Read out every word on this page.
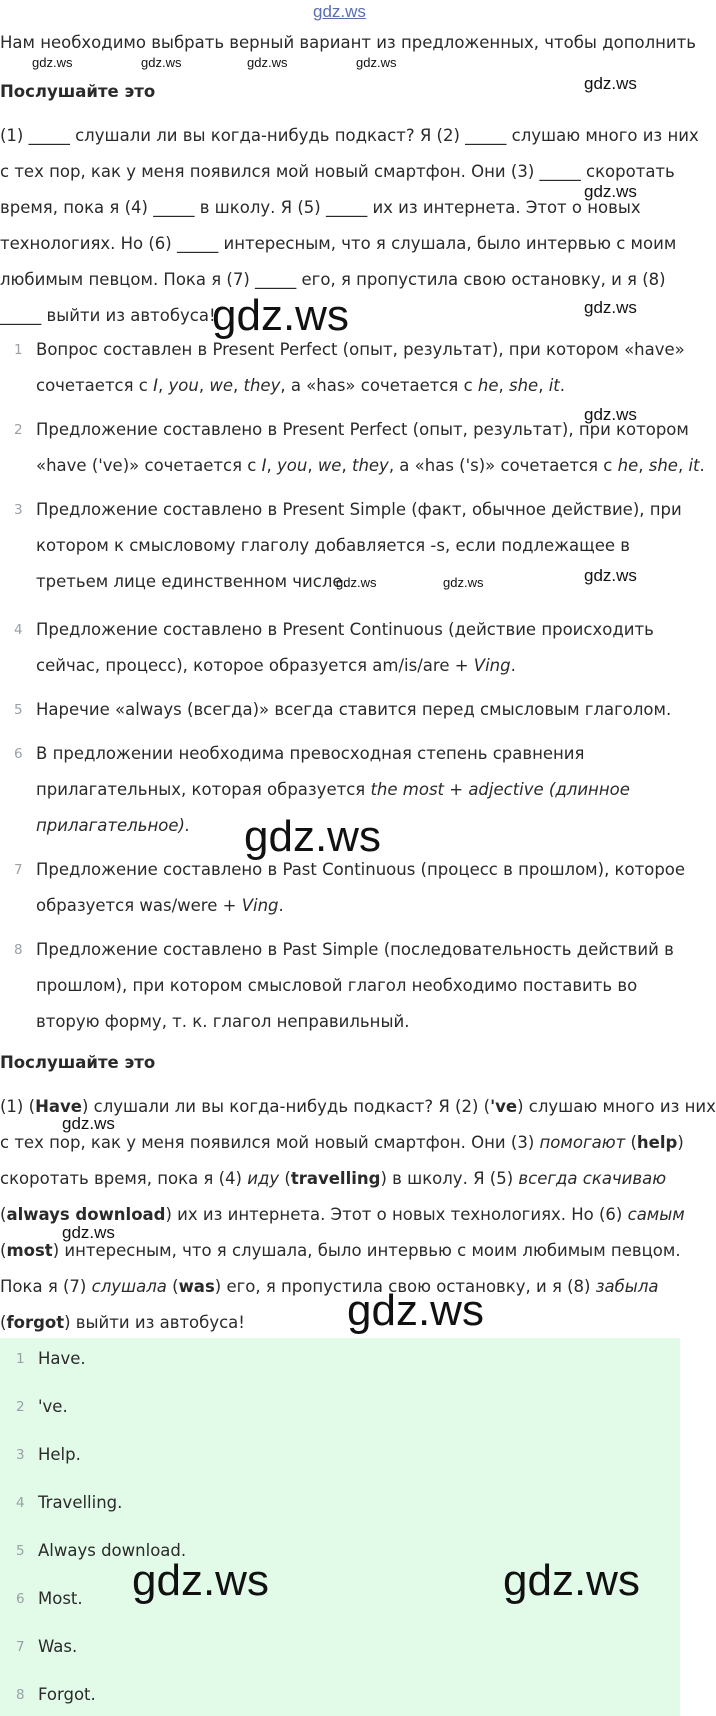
gdz.ws
Нам необходимо выбрать верный вариант из предложенных, чтобы дополнить
gdz.ws	gdz.ws	gdz.ws	gdz.ws
Послушайте это	gdz.ws
(1) _____ слушали ли вы когда-нибудь подкаст? Я (2) _____ слушаю много из них
с тех пор, как у меня появился мой новый смартфон. Они (3) _____ скоротать
время, пока я (4) _____ в школу. Я (5) _____ их из интернета. Этот о новых
технологиях. Но (6) _____ интересным, что я слушала, было интервью с моим
любимым певцом. Пока я (7) _____ его, я пропустила свою остановку, и я (8)
_____ выйти из автобуса!
gdz.ws
gdz.ws
gdz.ws
1 Вопрос составлен в Present Perfect (опыт, результат), при котором «have»
сочетается с I, you, we, they, а «has» сочетается с he, she, it.
2 Предложение составлено в Present Perfect (опыт, результат), при котором
«have ('ve)» сочетается с I, you, we, they, а «has ('s)» сочетается с he, she, it.
3 Предложение составлено в Present Simple (факт, обычное действие), при
котором к смысловому глаголу добавляется -s, если подлежащее в
третьем лице единственном числе.
4 Предложение составлено в Present Continuous (действие происходить
сейчас, процесс), которое образуется am/is/are + Ving.
5 Наречие «always (всегда)» всегда ставится перед смысловым глаголом.
6 В предложении необходима превосходная степень сравнения
прилагательных, которая образуется the most + adjective (длинное
прилагательное).
7 Предложение составлено в Past Continuous (процесс в прошлом), которое
образуется was/were + Ving.
8 Предложение составлено в Past Simple (последовательность действий в
прошлом), при котором смысловой глагол необходимо поставить во
вторую форму, т. к. глагол неправильный.
gdz.ws
gdz.ws
gdz.ws	gdz.ws
gdz.ws
Послушайте это
(1) (Have) слушали ли вы когда-нибудь подкаст? Я (2) ('ve) слушаю много из них
с тех пор, как у меня появился мой новый смартфон. Они (3) помогают (help)
скоротать время, пока я (4) иду (travelling) в школу. Я (5) всегда скачиваю
(always download) их из интернета. Этот о новых технологиях. Но (6) самым
(most) интересным, что я слушала, было интервью с моим любимым певцом.
Пока я (7) слушала (was) его, я пропустила свою остановку, и я (8) забыла
(forgot) выйти из автобуса!
gdz.ws
gdz.ws
gdz.ws
1 Have.
2 've.
3 Help.
4 Travelling.
5 Always download.
6 Most.
7 Was.
8 Forgot.
gdz.ws	gdz.ws
